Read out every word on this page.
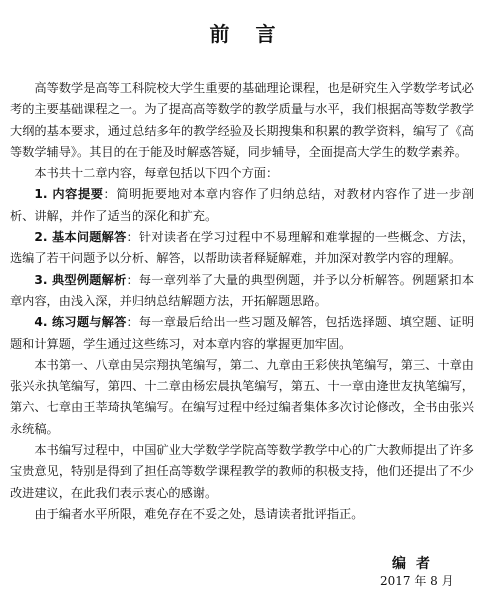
前言

高等数学是高等工科院校大学生重要的基础理论课程，也是研究生入学数学考试必考的主要基础课程之一。为了提高高等数学的教学质量与水平，我们根据高等数学教学大纲的基本要求，通过总结多年的教学经验及长期搜集和积累的教学资料，编写了《高等数学辅导》。其目的在于能及时解惑答疑，同步辅导，全面提高大学生的数学素养。

本书共十二章内容，每章包括以下四个方面：

1. 内容提要：简明扼要地对本章内容作了归纳总结，对教材内容作了进一步剖析、讲解，并作了适当的深化和扩充。

2. 基本问题解答：针对读者在学习过程中不易理解和难掌握的一些概念、方法，选编了若干问题予以分析、解答，以帮助读者释疑解难，并加深对教学内容的理解。

3. 典型例题解析：每一章列举了大量的典型例题，并予以分析解答。例题紧扣本章内容，由浅入深，并归纳总结解题方法，开拓解题思路。

4. 练习题与解答：每一章最后给出一些习题及解答，包括选择题、填空题、证明题和计算题，学生通过这些练习，对本章内容的掌握更加牢固。

本书第一、八章由吴宗翔执笔编写，第二、九章由王彩侠执笔编写，第三、十章由张兴永执笔编写，第四、十二章由杨宏晨执笔编写，第五、十一章由逄世友执笔编写，第六、七章由王莘琦执笔编写。在编写过程中经过编者集体多次讨论修改，全书由张兴永统稿。

本书编写过程中，中国矿业大学数学学院高等数学教学中心的广大教师提出了许多宝贵意见，特别是得到了担任高等数学课程教学的教师的积极支持，他们还提出了不少改进建议，在此我们表示衷心的感谢。

由于编者水平所限，难免存在不妥之处，恳请读者批评指正。

编者
2017 年 8 月
